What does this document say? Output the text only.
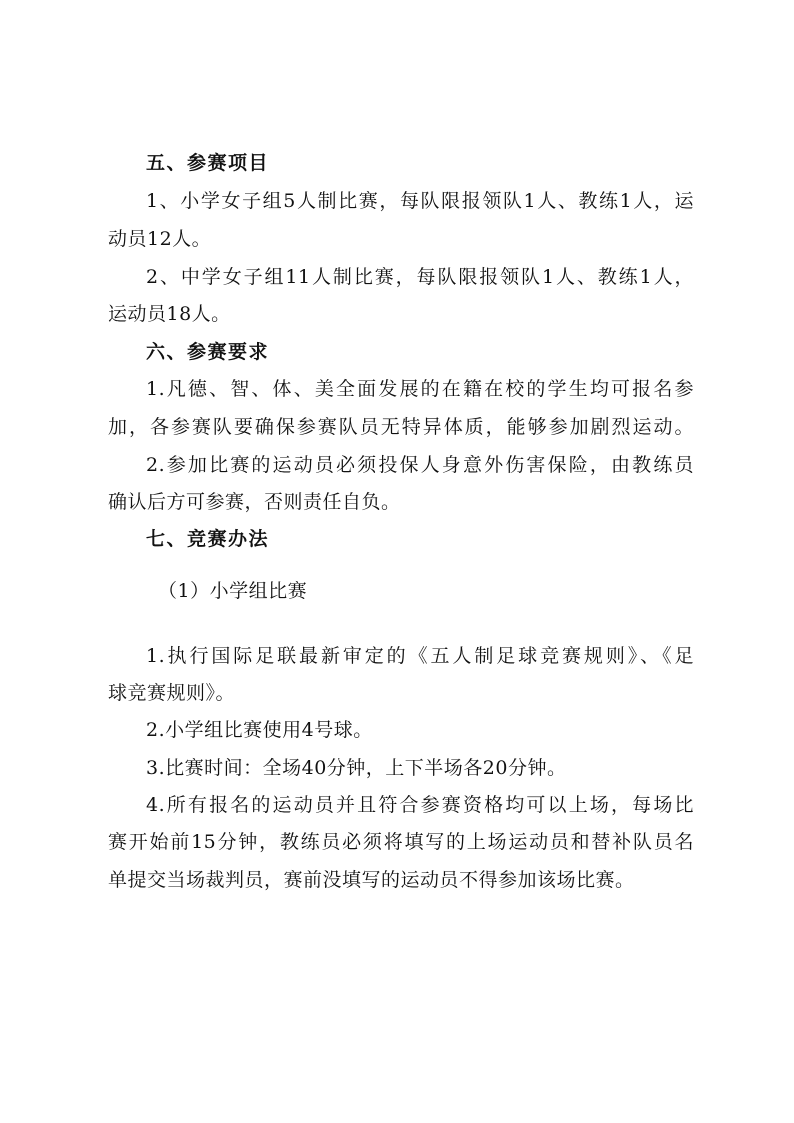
五、参赛项目
1、小学女子组5人制比赛，每队限报领队1人、教练1人，运
动员12人。
2、中学女子组11人制比赛，每队限报领队1人、教练1人，
运动员18人。
六、参赛要求
1.凡德、智、体、美全面发展的在籍在校的学生均可报名参
加，各参赛队要确保参赛队员无特异体质，能够参加剧烈运动。
2.参加比赛的运动员必须投保人身意外伤害保险，由教练员
确认后方可参赛，否则责任自负。
七、竞赛办法
（1）小学组比赛
1.执行国际足联最新审定的《五人制足球竞赛规则》、《足
球竞赛规则》。
2.小学组比赛使用4号球。
3.比赛时间：全场40分钟，上下半场各20分钟。
4.所有报名的运动员并且符合参赛资格均可以上场，每场比
赛开始前15分钟，教练员必须将填写的上场运动员和替补队员名
单提交当场裁判员，赛前没填写的运动员不得参加该场比赛。
